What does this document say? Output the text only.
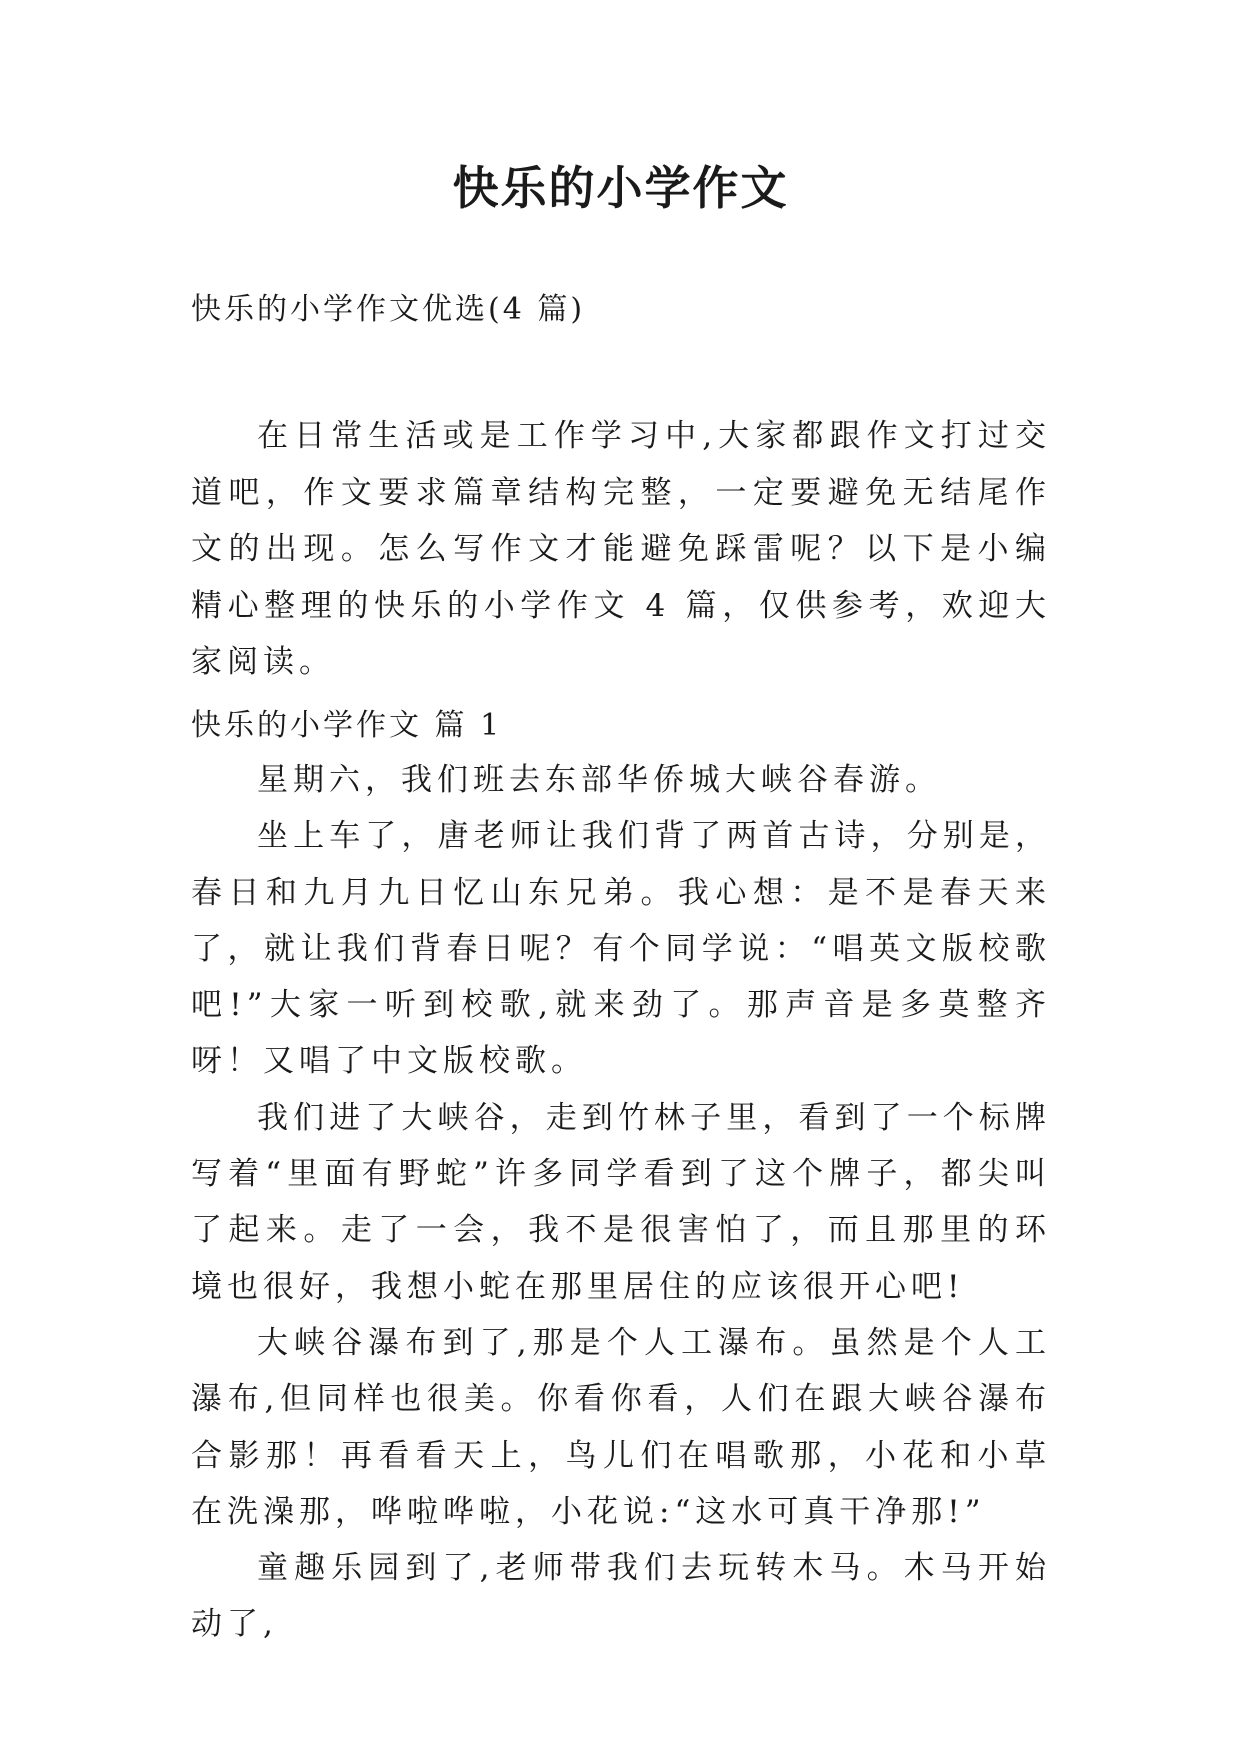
快乐的小学作文
快乐的小学作文优选(4 篇)

在日常生活或是工作学习中,大家都跟作文打过交道吧，作文要求篇章结构完整，一定要避免无结尾作文的出现。怎么写作文才能避免踩雷呢？以下是小编精心整理的快乐的小学作文 4 篇，仅供参考，欢迎大家阅读。

快乐的小学作文 篇 1

星期六，我们班去东部华侨城大峡谷春游。

坐上车了，唐老师让我们背了两首古诗，分别是，春日和九月九日忆山东兄弟。我心想：是不是春天来了，就让我们背春日呢？有个同学说：“唱英文版校歌吧!”大家一听到校歌,就来劲了。那声音是多莫整齐呀！又唱了中文版校歌。

我们进了大峡谷，走到竹林子里，看到了一个标牌写着“里面有野蛇”许多同学看到了这个牌子，都尖叫了起来。走了一会，我不是很害怕了，而且那里的环境也很好，我想小蛇在那里居住的应该很开心吧!

大峡谷瀑布到了,那是个人工瀑布。虽然是个人工瀑布,但同样也很美。你看你看，人们在跟大峡谷瀑布合影那！再看看天上，鸟儿们在唱歌那，小花和小草在洗澡那，哗啦哗啦，小花说:“这水可真干净那!”

童趣乐园到了,老师带我们去玩转木马。木马开始动了,
